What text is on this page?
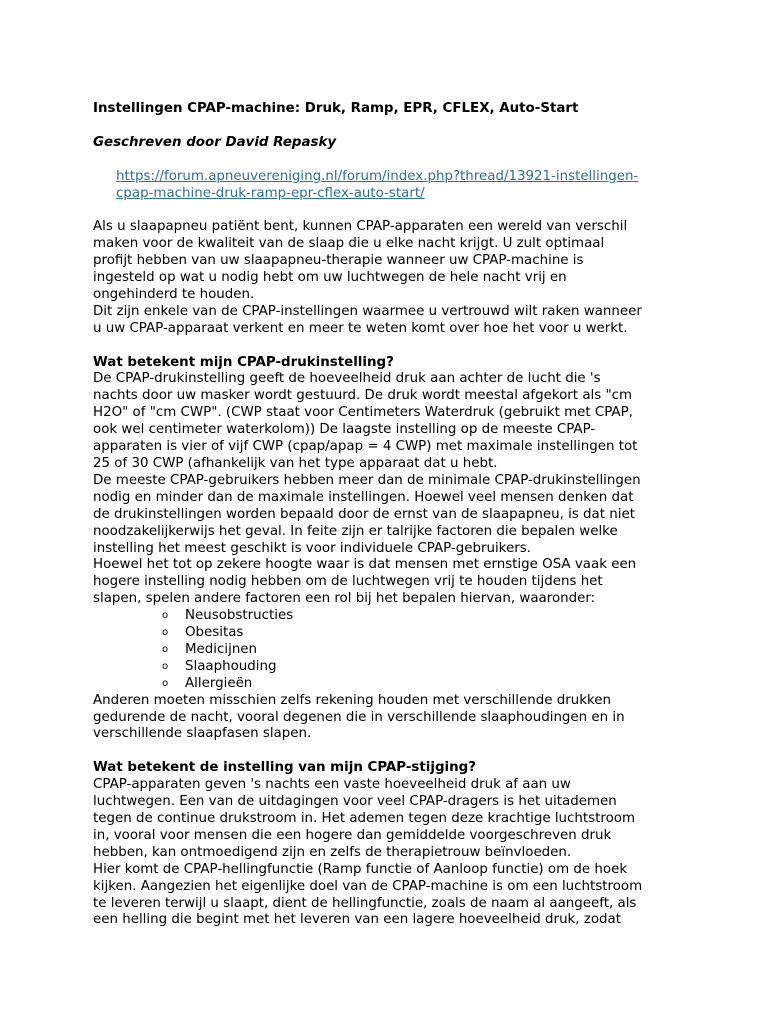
Instellingen CPAP-machine: Druk, Ramp, EPR, CFLEX, Auto-Start
Geschreven door David Repasky
https://forum.apneuvereniging.nl/forum/index.php?thread/13921-instellingen-
cpap-machine-druk-ramp-epr-cflex-auto-start/
Als u slaapapneu patiënt bent, kunnen CPAP-apparaten een wereld van verschil
maken voor de kwaliteit van de slaap die u elke nacht krijgt. U zult optimaal
profijt hebben van uw slaapapneu-therapie wanneer uw CPAP-machine is
ingesteld op wat u nodig hebt om uw luchtwegen de hele nacht vrij en
ongehinderd te houden.
Dit zijn enkele van de CPAP-instellingen waarmee u vertrouwd wilt raken wanneer
u uw CPAP-apparaat verkent en meer te weten komt over hoe het voor u werkt.
Wat betekent mijn CPAP-drukinstelling?
De CPAP-drukinstelling geeft de hoeveelheid druk aan achter de lucht die 's
nachts door uw masker wordt gestuurd. De druk wordt meestal afgekort als "cm
H2O" of "cm CWP". (CWP staat voor Centimeters Waterdruk (gebruikt met CPAP,
ook wel centimeter waterkolom)) De laagste instelling op de meeste CPAP-
apparaten is vier of vijf CWP (cpap/apap = 4 CWP) met maximale instellingen tot
25 of 30 CWP (afhankelijk van het type apparaat dat u hebt.
De meeste CPAP-gebruikers hebben meer dan de minimale CPAP-drukinstellingen
nodig en minder dan de maximale instellingen. Hoewel veel mensen denken dat
de drukinstellingen worden bepaald door de ernst van de slaapapneu, is dat niet
noodzakelijkerwijs het geval. In feite zijn er talrijke factoren die bepalen welke
instelling het meest geschikt is voor individuele CPAP-gebruikers.
Hoewel het tot op zekere hoogte waar is dat mensen met ernstige OSA vaak een
hogere instelling nodig hebben om de luchtwegen vrij te houden tijdens het
slapen, spelen andere factoren een rol bij het bepalen hiervan, waaronder:
o Neusobstructies
o Obesitas
o Medicijnen
o Slaaphouding
o Allergieën
Anderen moeten misschien zelfs rekening houden met verschillende drukken
gedurende de nacht, vooral degenen die in verschillende slaaphoudingen en in
verschillende slaapfasen slapen.
Wat betekent de instelling van mijn CPAP-stijging?
CPAP-apparaten geven 's nachts een vaste hoeveelheid druk af aan uw
luchtwegen. Een van de uitdagingen voor veel CPAP-dragers is het uitademen
tegen de continue drukstroom in. Het ademen tegen deze krachtige luchtstroom
in, vooral voor mensen die een hogere dan gemiddelde voorgeschreven druk
hebben, kan ontmoedigend zijn en zelfs de therapietrouw beïnvloeden.
Hier komt de CPAP-hellingfunctie (Ramp functie of Aanloop functie) om de hoek
kijken. Aangezien het eigenlijke doel van de CPAP-machine is om een luchtstroom
te leveren terwijl u slaapt, dient de hellingfunctie, zoals de naam al aangeeft, als
een helling die begint met het leveren van een lagere hoeveelheid druk, zodat
